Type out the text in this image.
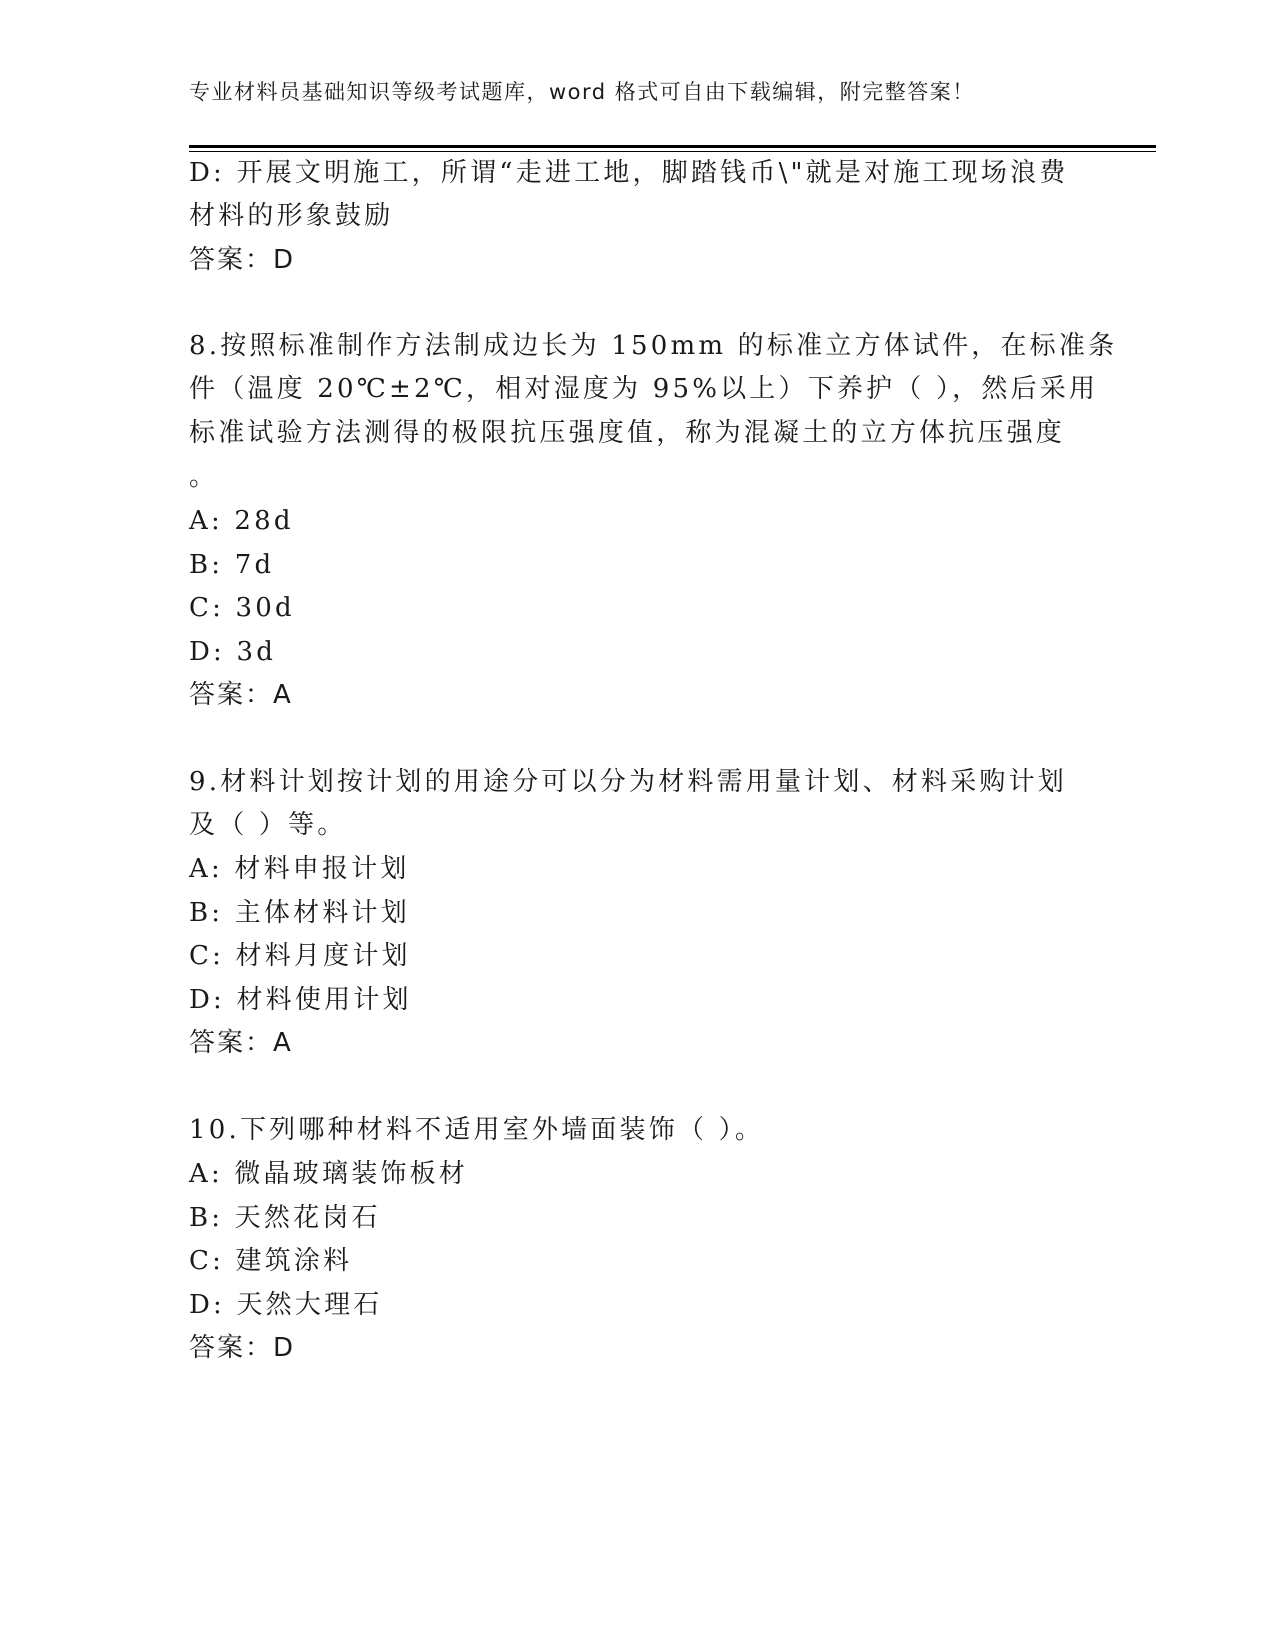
专业材料员基础知识等级考试题库，word 格式可自由下载编辑，附完整答案！
D: 开展文明施工，所谓“走进工地，脚踏钱币\"就是对施工现场浪费
材料的形象鼓励
答案：D
8.按照标准制作方法制成边长为 150mm 的标准立方体试件，在标准条
件（温度 20℃±2℃，相对湿度为 95%以上）下养护（ ），然后采用
标准试验方法测得的极限抗压强度值，称为混凝土的立方体抗压强度
。
A: 28d
B: 7d
C: 30d
D: 3d
答案：A
9.材料计划按计划的用途分可以分为材料需用量计划、材料采购计划
及（ ）等。
A: 材料申报计划
B: 主体材料计划
C: 材料月度计划
D: 材料使用计划
答案：A
10.下列哪种材料不适用室外墙面装饰（ ）。
A: 微晶玻璃装饰板材
B: 天然花岗石
C: 建筑涂料
D: 天然大理石
答案：D
